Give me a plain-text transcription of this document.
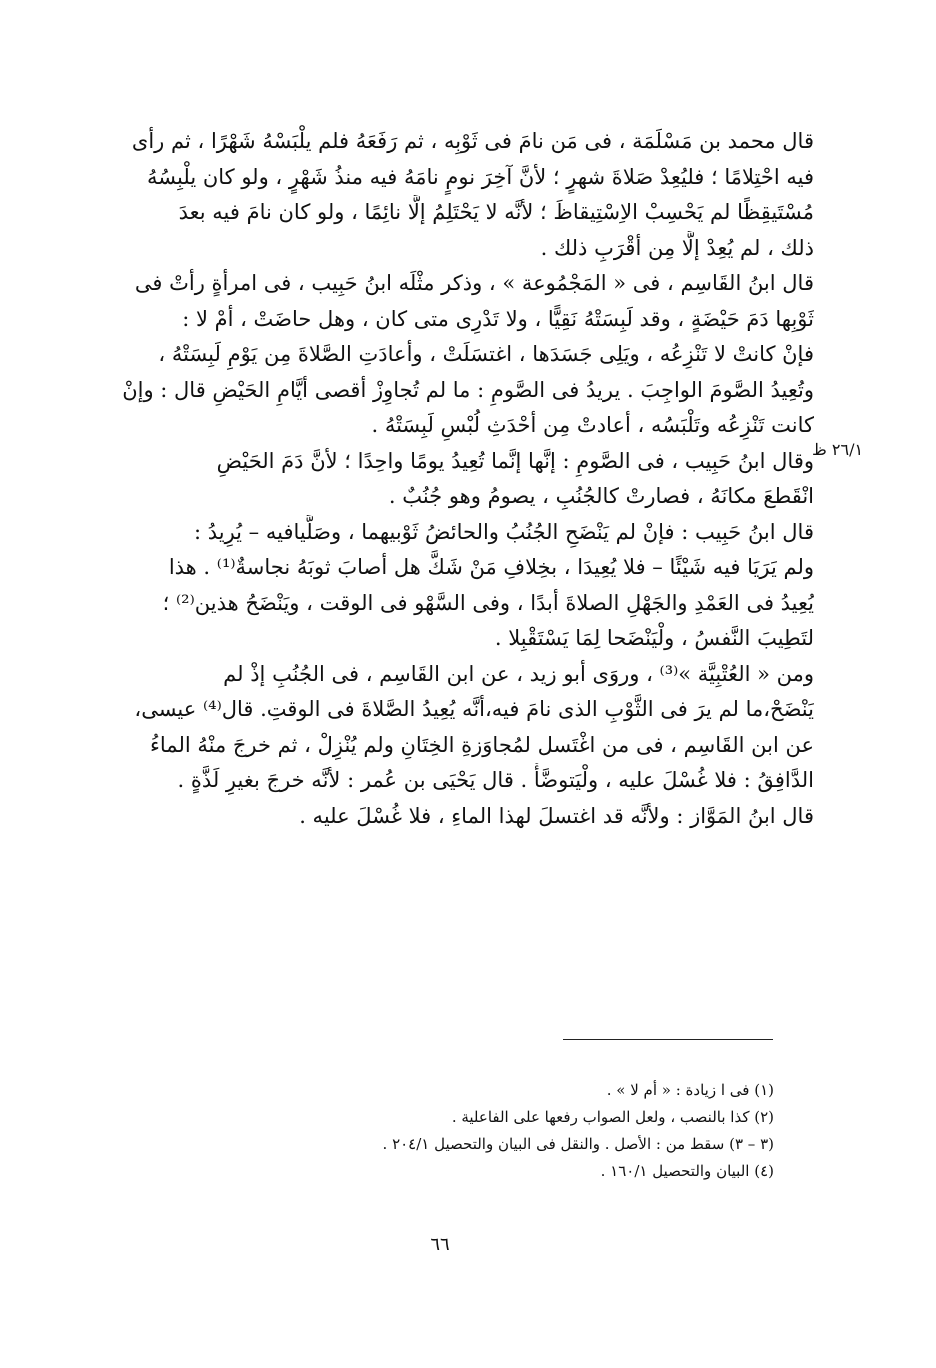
قال محمد بن مَسْلَمَة ، فى مَن نامَ فى ثَوْبِه ، ثم رَفَعَهُ فلم يلْبَسْهُ شَهْرًا ، ثم رأى
فيه احْتِلامًا ؛ فليُعِدْ صَلاةَ شهرٍ ؛ لأنَّ آخِرَ نومٍ نامَهُ فيه منذُ شَهْرٍ ، ولو كان يلْبِسُهُ
مُسْتَيقِظًا لم يَحْسِبْ الاِسْتِيقاظَ ؛ لأنَّه لا يَحْتَلِمُ إلَّا نائِمًا ، ولو كان نامَ فيه بعدَ
ذلك ، لم يُعِدْ إلَّا مِن أقْرَبِ ذلك .
قال ابنُ القَاسِم ، فى « المَجْمُوعة » ، وذكر مثْلَه ابنُ حَبِيب ، فى امرأةٍ رأتْ فى
ثَوْبِها دَمَ حَيْضَةٍ ، وقد لَبِسَتْهُ نَقِيًّا ، ولا تَدْرِى متى كان ، وهل حاضَتْ ، أمْ لا :
فإنْ كانتْ لا تَنْزِعُه ، ويَلِى جَسَدَها ، اغتسَلَتْ ، وأعادَتِ الصَّلاةَ مِن يَوْمِ لَبِسَتْهُ ،
وتُعِيدُ الصَّومَ الواجِبَ . يريدُ فى الصَّومِ : ما لم تُجاوِزْ أقصى أيَّامِ الحَيْضِ قال : وإنْ
كانت تَنْزِعُه وتَلْبَسُه ، أعادتْ مِن أحْدَثِ لُبْسِ لَبِسَتْهُ .
وقال ابنُ حَبِيب ، فى الصَّومِ : إنَّها إنَّما تُعِيدُ يومًا واحِدًا ؛ لأنَّ دَمَ الحَيْضِ
انْقَطعَ مكانَهُ ، فصارتْ كالجُنُبِ ، يصومُ وهو جُنُبٌ .
قال ابنُ حَبِيب : فإنْ لم يَنْضَحِ الجُنُبُ والحائضُ ثَوْبيهما ، وصَلَّيافيه – يُرِيدُ :
ولم يَرَيَا فيه شَيْئًا – فلا يُعِيدَا ، بخِلافِ مَنْ شَكَّ هل أصابَ ثوبَهُ نجاسةٌ⁽¹⁾ . هذا
يُعِيدُ فى العَمْدِ والجَهْلِ الصلاةَ أبدًا ، وفى السَّهْو فى الوقت ، ويَنْضَحُ هذين⁽²⁾ ؛
لتَطِيبَ النَّفسُ ، ولْيَنْضَحا لِمَا يَسْتَقْبِلا .
ومن « العُتْبِيَّة »⁽³⁾ ، وروَى أبو زيد ، عن ابن القَاسِم ، فى الجُنُبِ إذْ لم
يَنْضَحْ،ما لم يرَ فى الثَّوْبِ الذى نامَ فيه،أنَّه يُعِيدُ الصَّلاةَ فى الوقتِ. قال⁽⁴⁾ عيسى،
عن ابن القَاسِم ، فى من اغْتَسل لمُجاوَزةِ الخِتَانِ ولم يُنْزِلْ ، ثم خرجَ منْهُ الماءُ
الدَّافِقُ : فلا غُسْلَ عليه ، ولْيَتوضَّأْ . قال يَحْيَى بن عُمر : لأنَّه خرجَ بغيرِ لَذَّةٍ .
قال ابنُ المَوَّاز : ولأنَّه قد اغتسلَ لهذا الماءِ ، فلا غُسْلَ عليه .
٢٦/١ ظ
(١) فى ا زيادة : « أم لا » .
(٢) كذا بالنصب ، ولعل الصواب رفعها على الفاعلية .
(٣ – ٣) سقط من : الأصل . والنقل فى البيان والتحصيل ٢٠٤/١ .
(٤) البيان والتحصيل ١٦٠/١ .
٦٦
